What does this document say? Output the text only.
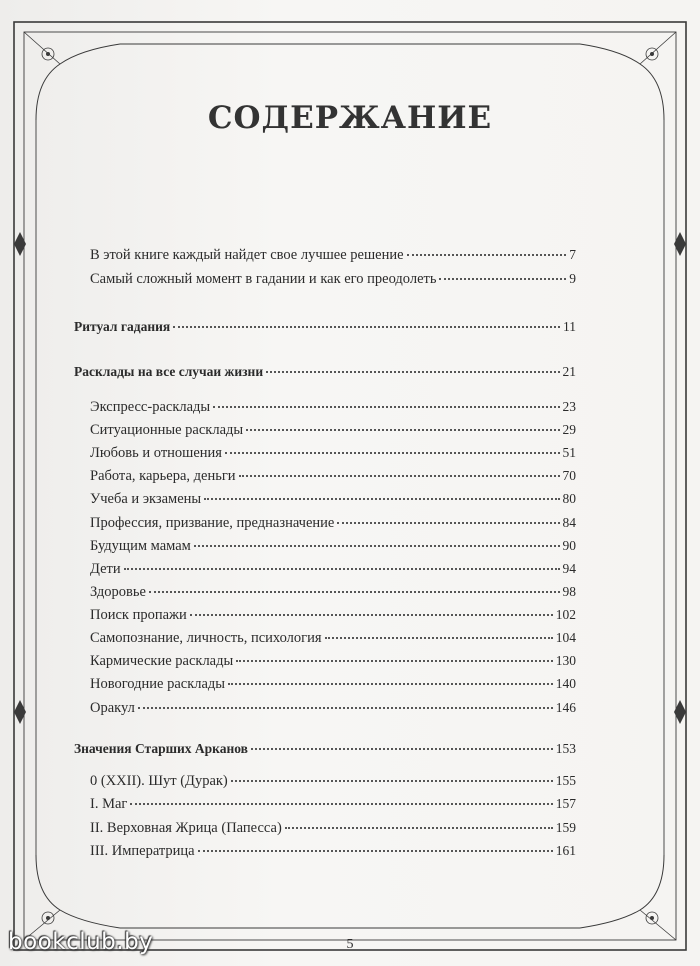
СОДЕРЖАНИЕ
В этой книге каждый найдет свое лучшее решение	7
Самый сложный момент в гадании и как его преодолеть	9
Ритуал гадания	11
Расклады на все случаи жизни	21
Экспресс-расклады	23
Ситуационные расклады	29
Любовь и отношения	51
Работа, карьера, деньги	70
Учеба и экзамены	80
Профессия, призвание, предназначение	84
Будущим мамам	90
Дети	94
Здоровье	98
Поиск пропажи	102
Самопознание, личность, психология	104
Кармические расклады	130
Новогодние расклады	140
Оракул	146
Значения Старших Арканов	153
0 (XXII). Шут (Дурак)	155
I. Маг	157
II. Верховная Жрица (Папесса)	159
III. Императрица	161
5
bookclub.by
